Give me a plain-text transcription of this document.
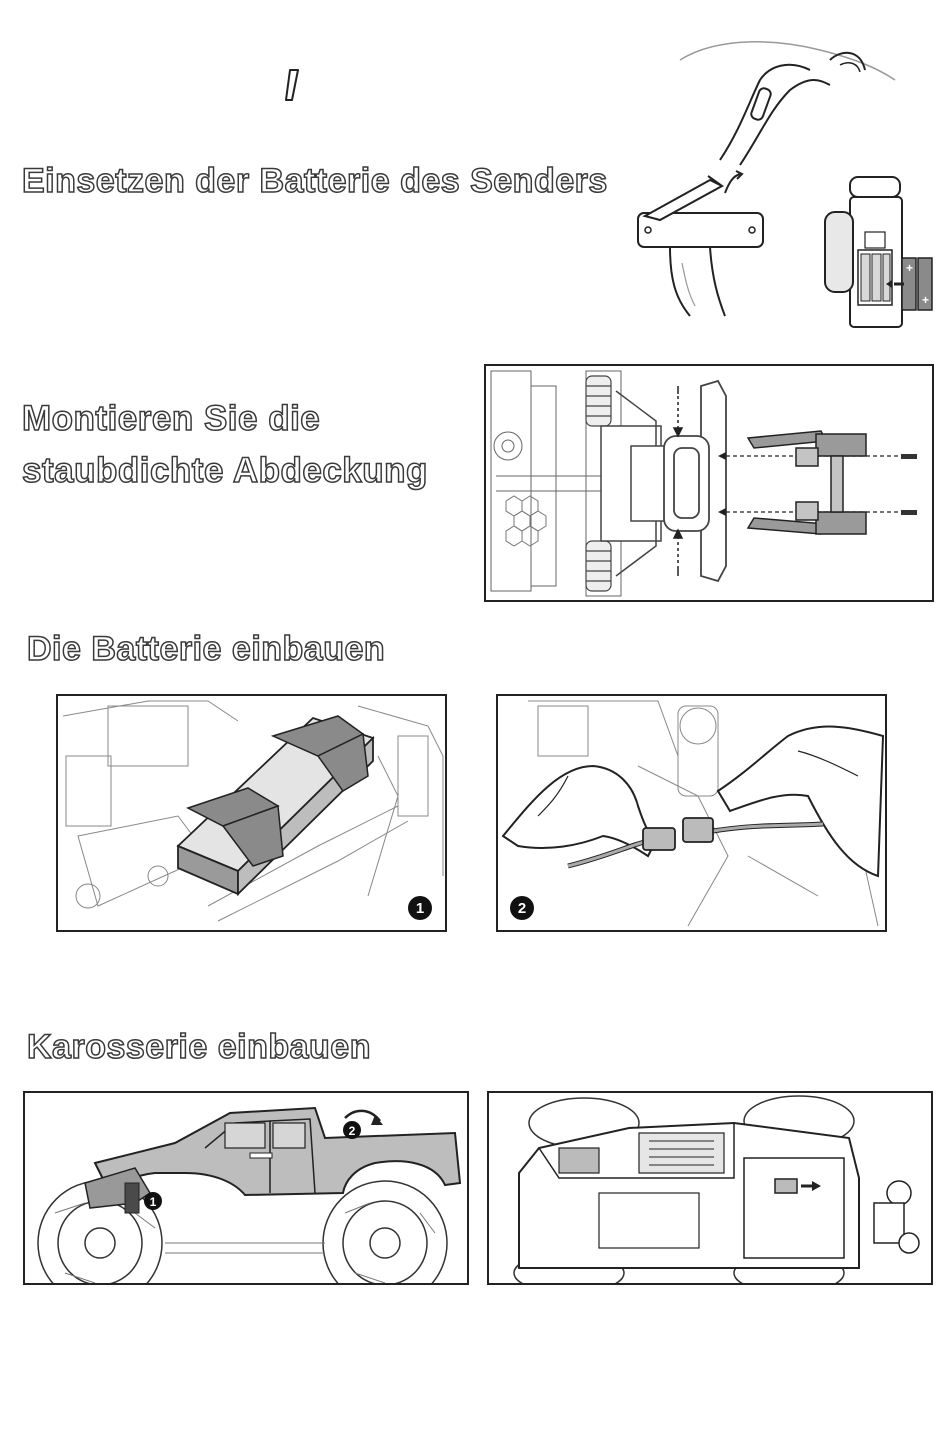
+
+
Einsetzen der Batterie des Senders
Montieren Sie die
staubdichte Abdeckung
Die Batterie einbauen
1	2
Karosserie einbauen
2
1
